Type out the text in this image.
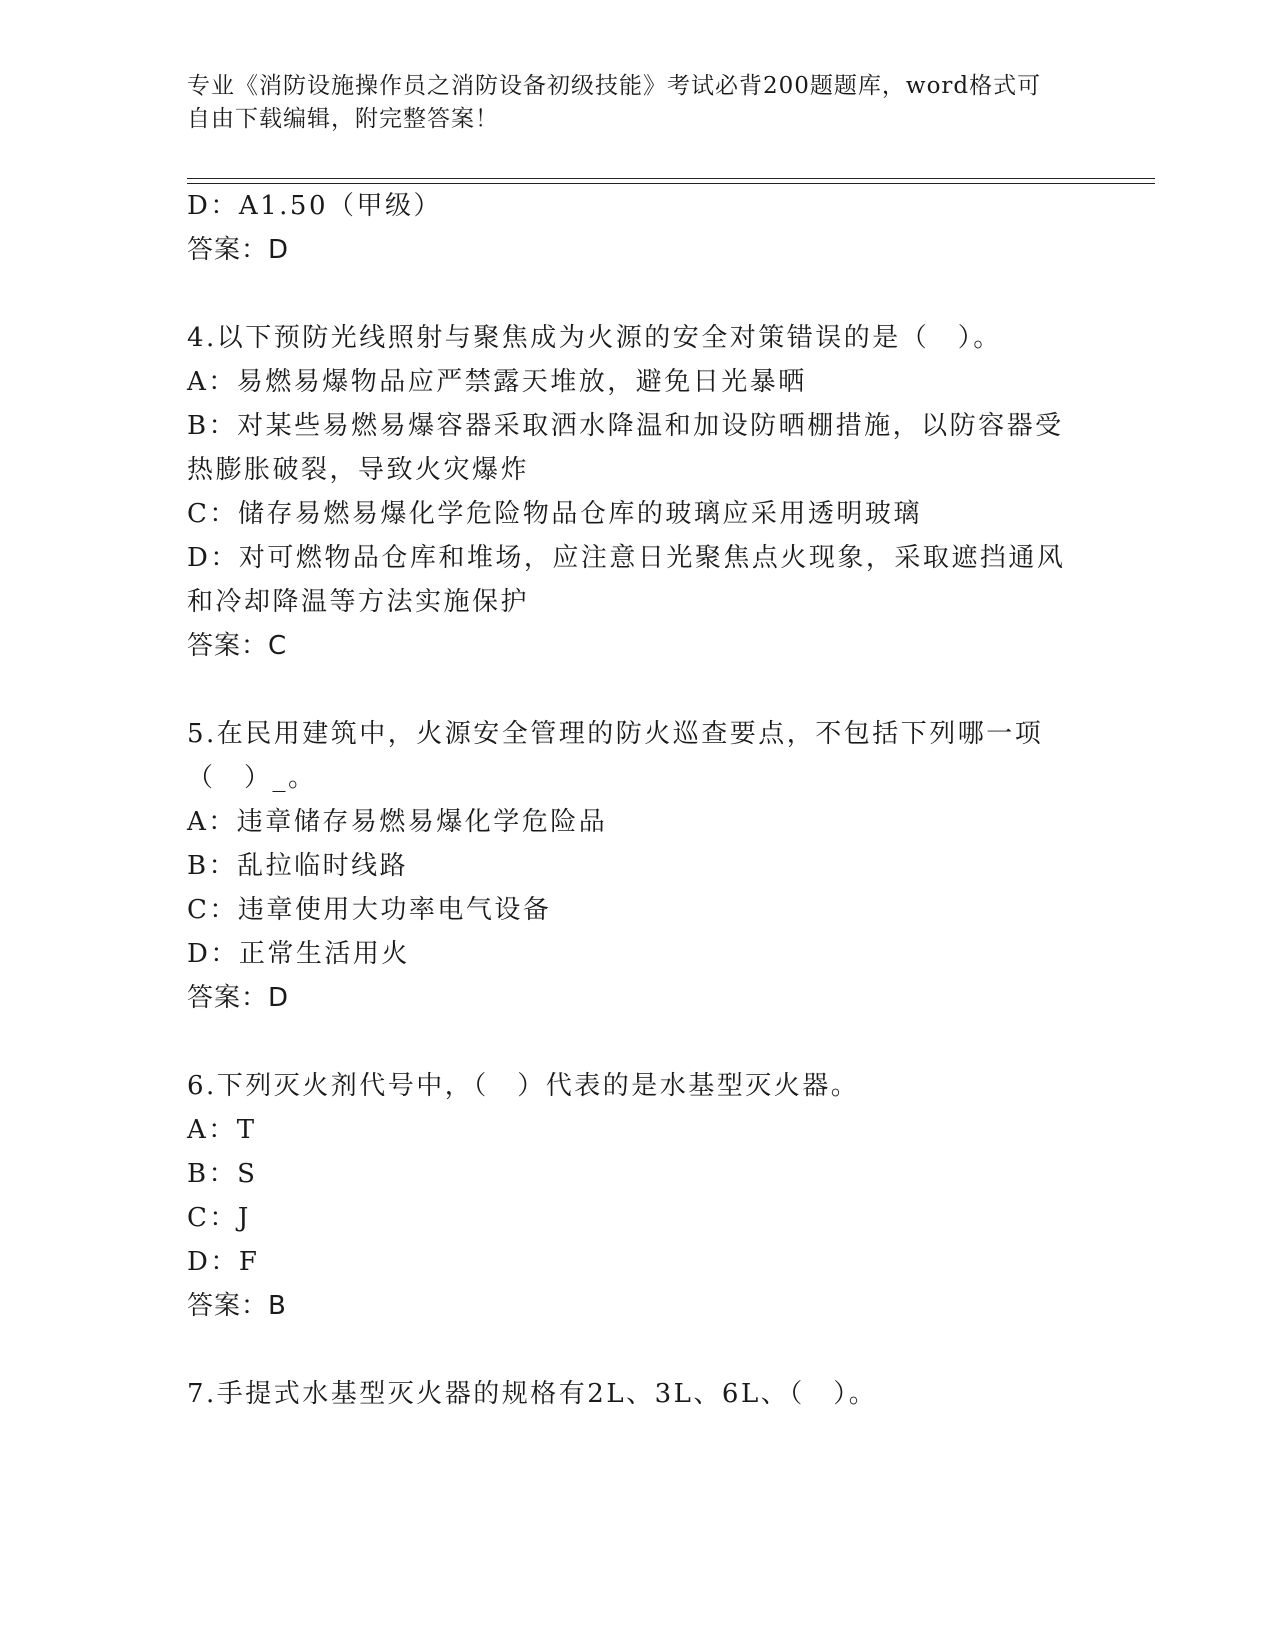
专业《消防设施操作员之消防设备初级技能》考试必背200题题库，word格式可
自由下载编辑，附完整答案！
D：A1.50（甲级）
答案：D
4.以下预防光线照射与聚焦成为火源的安全对策错误的是（　）。
A：易燃易爆物品应严禁露天堆放，避免日光暴晒
B：对某些易燃易爆容器采取洒水降温和加设防晒棚措施，以防容器受
热膨胀破裂，导致火灾爆炸
C：储存易燃易爆化学危险物品仓库的玻璃应采用透明玻璃
D：对可燃物品仓库和堆场，应注意日光聚焦点火现象，采取遮挡通风
和冷却降温等方法实施保护
答案：C
5.在民用建筑中，火源安全管理的防火巡查要点，不包括下列哪一项
（　）_。
A：违章储存易燃易爆化学危险品
B：乱拉临时线路
C：违章使用大功率电气设备
D：正常生活用火
答案：D
6.下列灭火剂代号中，（　）代表的是水基型灭火器。
A：T
B：S
C：J
D：F
答案：B
7.手提式水基型灭火器的规格有2L、3L、6L、（　）。
